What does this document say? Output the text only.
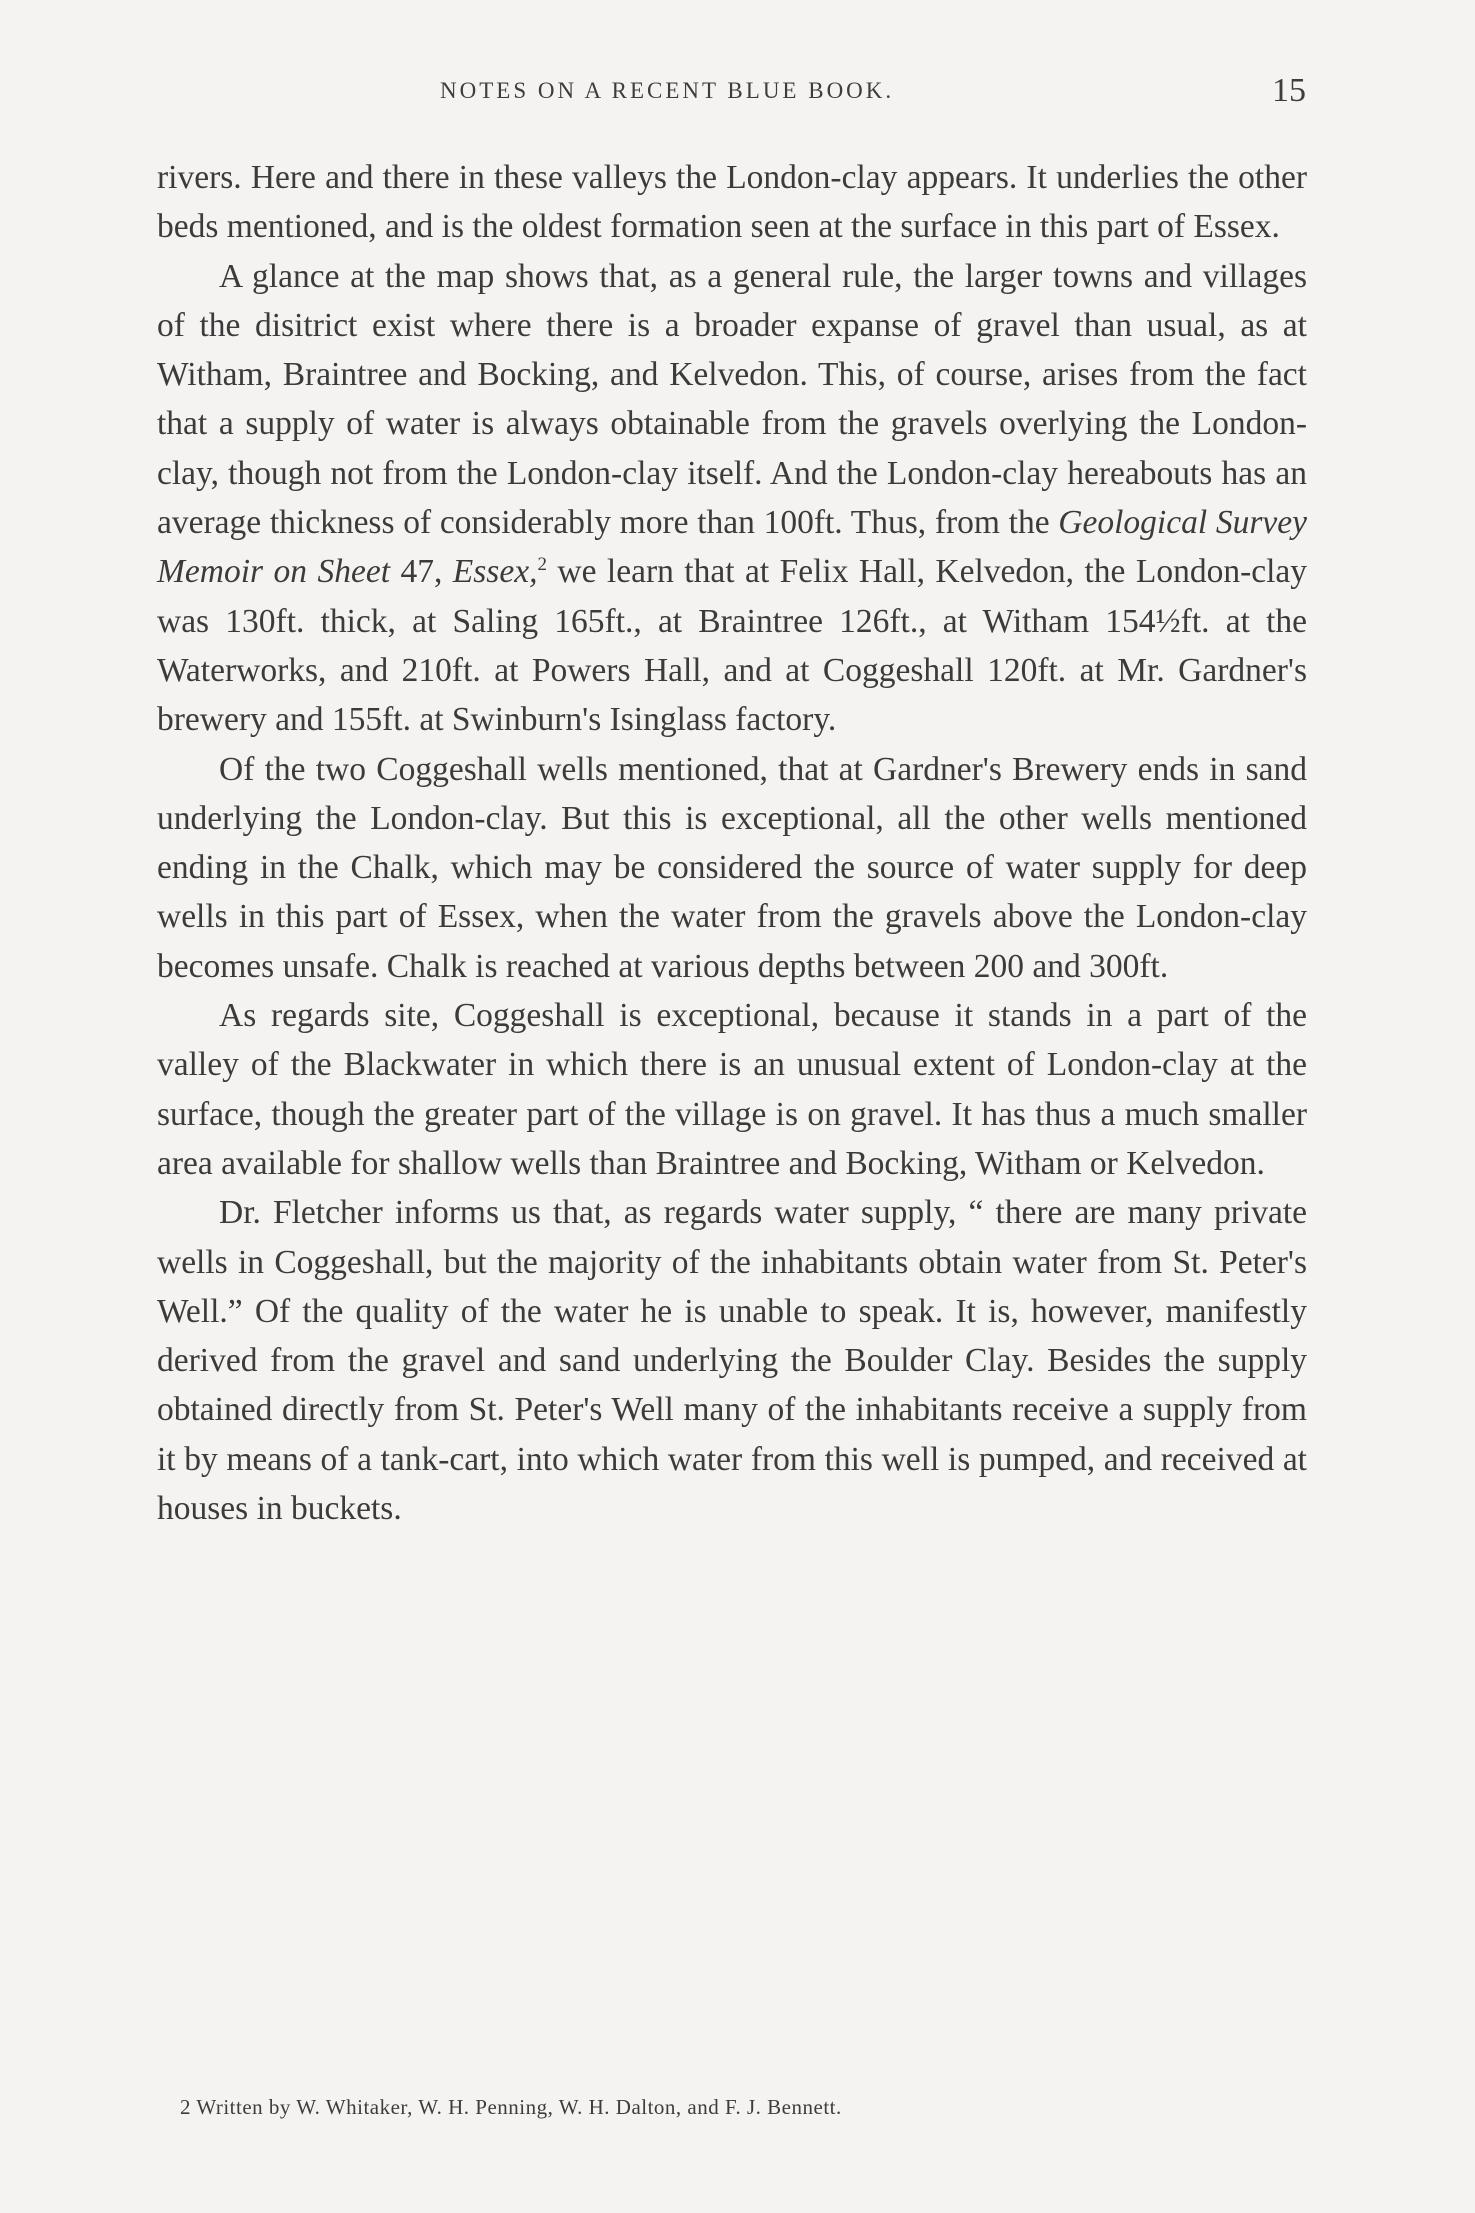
NOTES ON A RECENT BLUE BOOK.	15

rivers. Here and there in these valleys the London-clay appears. It underlies the other beds mentioned, and is the oldest formation seen at the surface in this part of Essex.

A glance at the map shows that, as a general rule, the larger towns and villages of the disitrict exist where there is a broader expanse of gravel than usual, as at Witham, Braintree and Bocking, and Kelvedon. This, of course, arises from the fact that a supply of water is always obtainable from the gravels overlying the London-clay, though not from the London-clay itself. And the London-clay hereabouts has an average thickness of considerably more than 100ft. Thus, from the Geological Survey Memoir on Sheet 47, Essex,$^2$ we learn that at Felix Hall, Kelvedon, the London-clay was 130ft. thick, at Saling 165ft., at Braintree 126ft., at Witham 154½ft. at the Waterworks, and 210ft. at Powers Hall, and at Coggeshall 120ft. at Mr. Gardner's brewery and 155ft. at Swinburn's Isinglass factory.

Of the two Coggeshall wells mentioned, that at Gardner's Brewery ends in sand underlying the London-clay. But this is exceptional, all the other wells mentioned ending in the Chalk, which may be considered the source of water supply for deep wells in this part of Essex, when the water from the gravels above the London-clay becomes unsafe. Chalk is reached at various depths between 200 and 300ft.

As regards site, Coggeshall is exceptional, because it stands in a part of the valley of the Blackwater in which there is an unusual extent of London-clay at the surface, though the greater part of the village is on gravel. It has thus a much smaller area available for shallow wells than Braintree and Bocking, Witham or Kelvedon.

Dr. Fletcher informs us that, as regards water supply, “ there are many private wells in Coggeshall, but the majority of the inhabitants obtain water from St. Peter's Well.” Of the quality of the water he is unable to speak. It is, however, manifestly derived from the gravel and sand underlying the Boulder Clay. Besides the supply obtained directly from St. Peter's Well many of the inhabitants receive a supply from it by means of a tank-cart, into which water from this well is pumped, and received at houses in buckets.

2 Written by W. Whitaker, W. H. Penning, W. H. Dalton, and F. J. Bennett.
